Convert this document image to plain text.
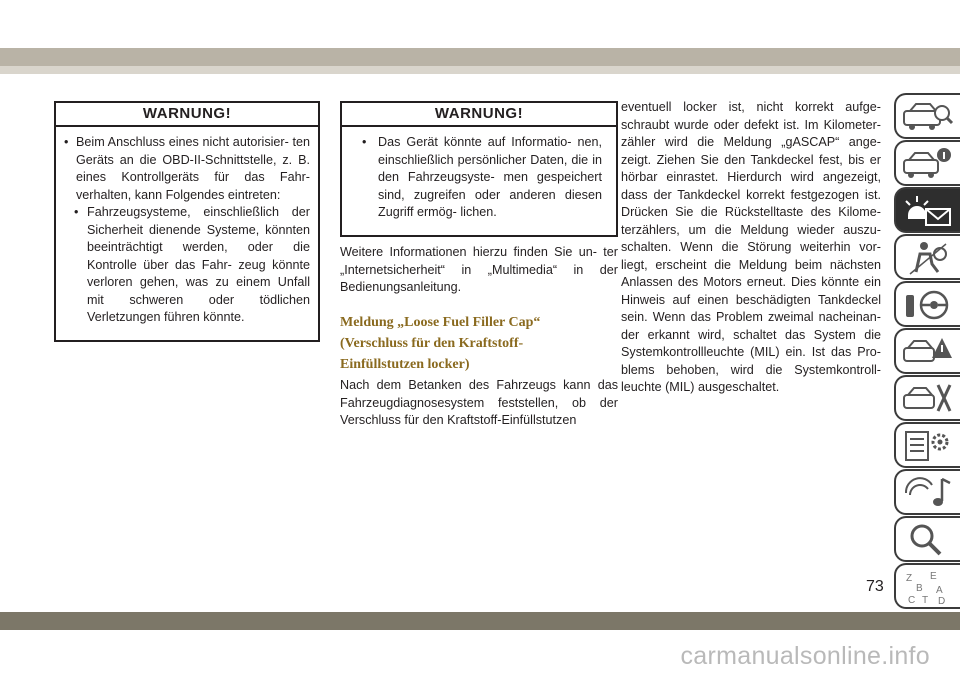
WARNUNG!
• Beim Anschluss eines nicht autorisier- ten Geräts an die OBD-II-Schnittstelle, z. B. eines Kontrollgeräts für das Fahr- verhalten, kann Folgendes eintreten:
• Fahrzeugsysteme, einschließlich der Sicherheit dienende Systeme, könnten beeinträchtigt werden, oder die Kontrolle über das Fahr- zeug könnte verloren gehen, was zu einem Unfall mit schweren oder tödlichen Verletzungen führen könnte.
WARNUNG!
• Das Gerät könnte auf Informatio- nen, einschließlich persönlicher Daten, die in den Fahrzeugsyste- men gespeichert sind, zugreifen oder anderen diesen Zugriff ermög- lichen.
Weitere Informationen hierzu finden Sie un- ter „Internetsicherheit“ in „Multimedia“ in der Bedienungsanleitung.
Meldung „Loose Fuel Filler Cap“
(Verschluss für den Kraftstoff-
Einfüllstutzen locker)
Nach dem Betanken des Fahrzeugs kann das Fahrzeugdiagnosesystem feststellen, ob der Verschluss für den Kraftstoff-Einfüllstutzen
eventuell locker ist, nicht korrekt aufge- schraubt wurde oder defekt ist. Im Kilometer- zähler wird die Meldung „gASCAP“ ange- zeigt. Ziehen Sie den Tankdeckel fest, bis er hörbar einrastet. Hierdurch wird angezeigt, dass der Tankdeckel korrekt festgezogen ist. Drücken Sie die Rückstelltaste des Kilome- terzählers, um die Meldung wieder auszu- schalten. Wenn die Störung weiterhin vor- liegt, erscheint die Meldung beim nächsten Anlassen des Motors erneut. Dies könnte ein Hinweis auf einen beschädigten Tankdeckel sein. Wenn das Problem zweimal nacheinan- der erkannt wird, schaltet das System die Systemkontrollleuchte (MIL) ein. Ist das Pro- blems behoben, wird die Systemkontroll- leuchte (MIL) ausgeschaltet.
Z E
B A
C T D
73
carmanualsonline.info
